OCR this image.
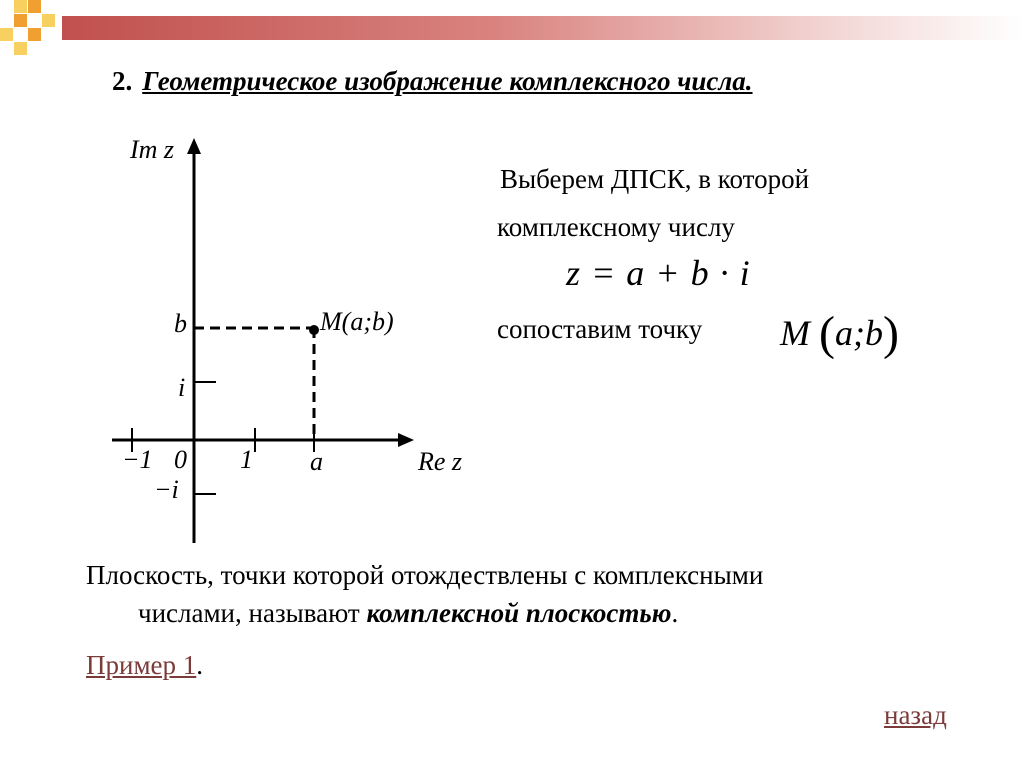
2. Геометрическое изображение комплексного числа.
Im z
Re z
b
i
−i
−1 0 1 a
M(a;b)
Выберем ДПСК, в которой
комплексному числу
z = a + b · i
сопоставим точку M (a;b)
Плоскость, точки которой отождествлены с комплексными
числами, называют комплексной плоскостью.
Пример 1.
назад
